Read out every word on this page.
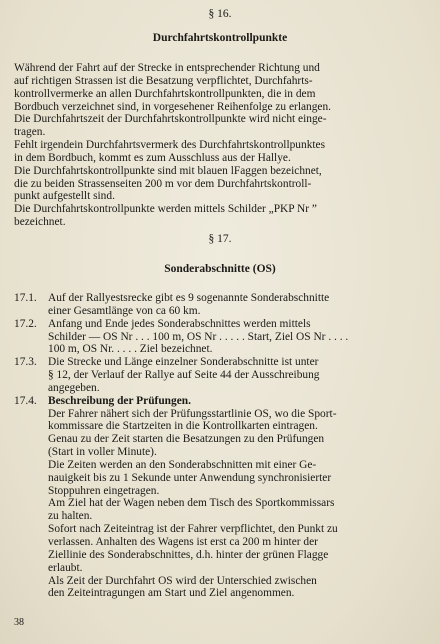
§ 16.

Durchfahrtskontrollpunkte

Während der Fahrt auf der Strecke in entsprechender Richtung und
auf richtigen Strassen ist die Besatzung verpflichtet, Durchfahrts-
kontrollvermerke an allen Durchfahrtskontrollpunkten, die in dem
Bordbuch verzeichnet sind, in vorgesehener Reihenfolge zu erlangen.
Die Durchfahrtszeit der Durchfahrtskontrollpunkte wird nicht einge-
tragen.

Fehlt irgendein Durchfahrtsvermerk des Durchfahrtskontrollpunktes
in dem Bordbuch, kommt es zum Ausschluss aus der Hallye.

Die Durchfahrtskontrollpunkte sind mit blauen lFaggen bezeichnet,
die zu beiden Strassenseiten 200 m vor dem Durchfahrtskontroll-
punkt aufgestellt sind.

Die Durchfahrtskontrollpunkte werden mittels Schilder „PKP Nr ”
bezeichnet.

§ 17.

Sonderabschnitte (OS)

17.1. Auf der Rallyestsrecke gibt es 9 sogenannte Sonderabschnitte
einer Gesamtlänge von ca 60 km.
17.2. Anfang und Ende jedes Sonderabschnittes werden mittels
Schilder — OS Nr . . . 100 m, OS Nr . . . . . Start, Ziel OS Nr . . . .
100 m, OS Nr. . . . . Ziel bezeichnet.
17.3. Die Strecke und Länge einzelner Sonderabschnitte ist unter
§ 12, der Verlauf der Rallye auf Seite 44 der Ausschreibung
angegeben.
17.4. Beschreibung der Prüfungen.
Der Fahrer nähert sich der Prüfungsstartlinie OS, wo die Sport-
kommissare die Startzeiten in die Kontrollkarten eintragen.
Genau zu der Zeit starten die Besatzungen zu den Prüfungen
(Start in voller Minute).
Die Zeiten werden an den Sonderabschnitten mit einer Ge-
nauigkeit bis zu 1 Sekunde unter Anwendung synchronisierter
Stoppuhren eingetragen.
Am Ziel hat der Wagen neben dem Tisch des Sportkommissars
zu halten.
Sofort nach Zeiteintrag ist der Fahrer verpflichtet, den Punkt zu
verlassen. Anhalten des Wagens ist erst ca 200 m hinter der
Ziellinie des Sonderabschnittes, d.h. hinter der grünen Flagge
erlaubt.
Als Zeit der Durchfahrt OS wird der Unterschied zwischen
den Zeiteintragungen am Start und Ziel angenommen.
38
